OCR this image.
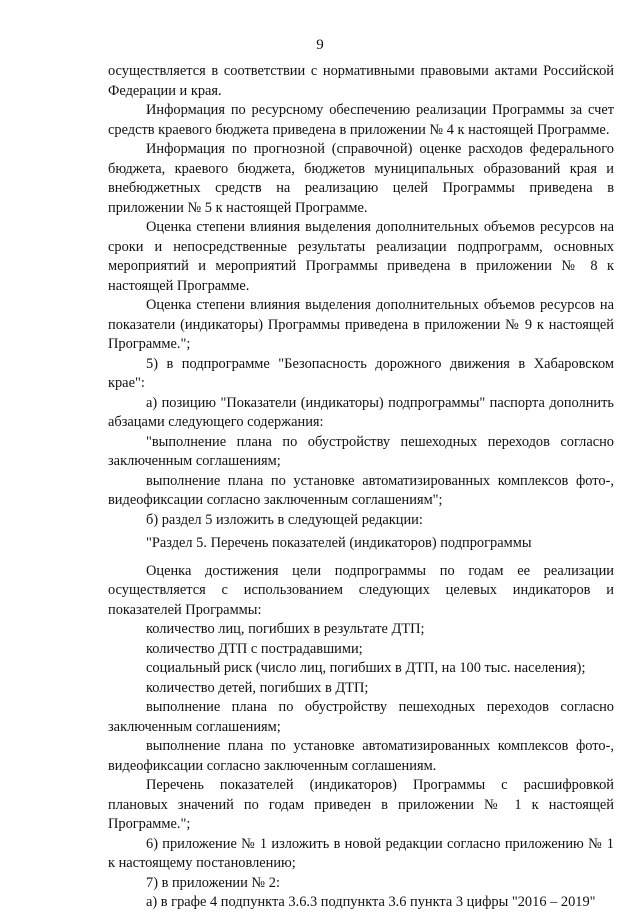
9

осуществляется в соответствии с нормативными правовыми актами Российской Федерации и края.

Информация по ресурсному обеспечению реализации Программы за счет средств краевого бюджета приведена в приложении № 4 к настоящей Программе.

Информация по прогнозной (справочной) оценке расходов федерального бюджета, краевого бюджета, бюджетов муниципальных образований края и внебюджетных средств на реализацию целей Программы приведена в приложении № 5 к настоящей Программе.

Оценка степени влияния выделения дополнительных объемов ресурсов на сроки и непосредственные результаты реализации подпрограмм, основных мероприятий и мероприятий Программы приведена в приложении № 8 к настоящей Программе.

Оценка степени влияния выделения дополнительных объемов ресурсов на показатели (индикаторы) Программы приведена в приложении № 9 к настоящей Программе.";

5) в подпрограмме "Безопасность дорожного движения в Хабаровском крае":

а) позицию "Показатели (индикаторы) подпрограммы" паспорта дополнить абзацами следующего содержания:

"выполнение плана по обустройству пешеходных переходов согласно заключенным соглашениям;

выполнение плана по установке автоматизированных комплексов фото-, видеофиксации согласно заключенным соглашениям";

б) раздел 5 изложить в следующей редакции:

"Раздел 5. Перечень показателей (индикаторов) подпрограммы

Оценка достижения цели подпрограммы по годам ее реализации осуществляется с использованием следующих целевых индикаторов и показателей Программы:

количество лиц, погибших в результате ДТП;

количество ДТП с пострадавшими;

социальный риск (число лиц, погибших в ДТП, на 100 тыс. населения);

количество детей, погибших в ДТП;

выполнение плана по обустройству пешеходных переходов согласно заключенным соглашениям;

выполнение плана по установке автоматизированных комплексов фото-, видеофиксации согласно заключенным соглашениям.

Перечень показателей (индикаторов) Программы с расшифровкой плановых значений по годам приведен в приложении № 1 к настоящей Программе.";

6) приложение № 1 изложить в новой редакции согласно приложению № 1 к настоящему постановлению;

7) в приложении № 2:

а) в графе 4 подпункта 3.6.3 подпункта 3.6 пункта 3 цифры "2016 – 2019"
